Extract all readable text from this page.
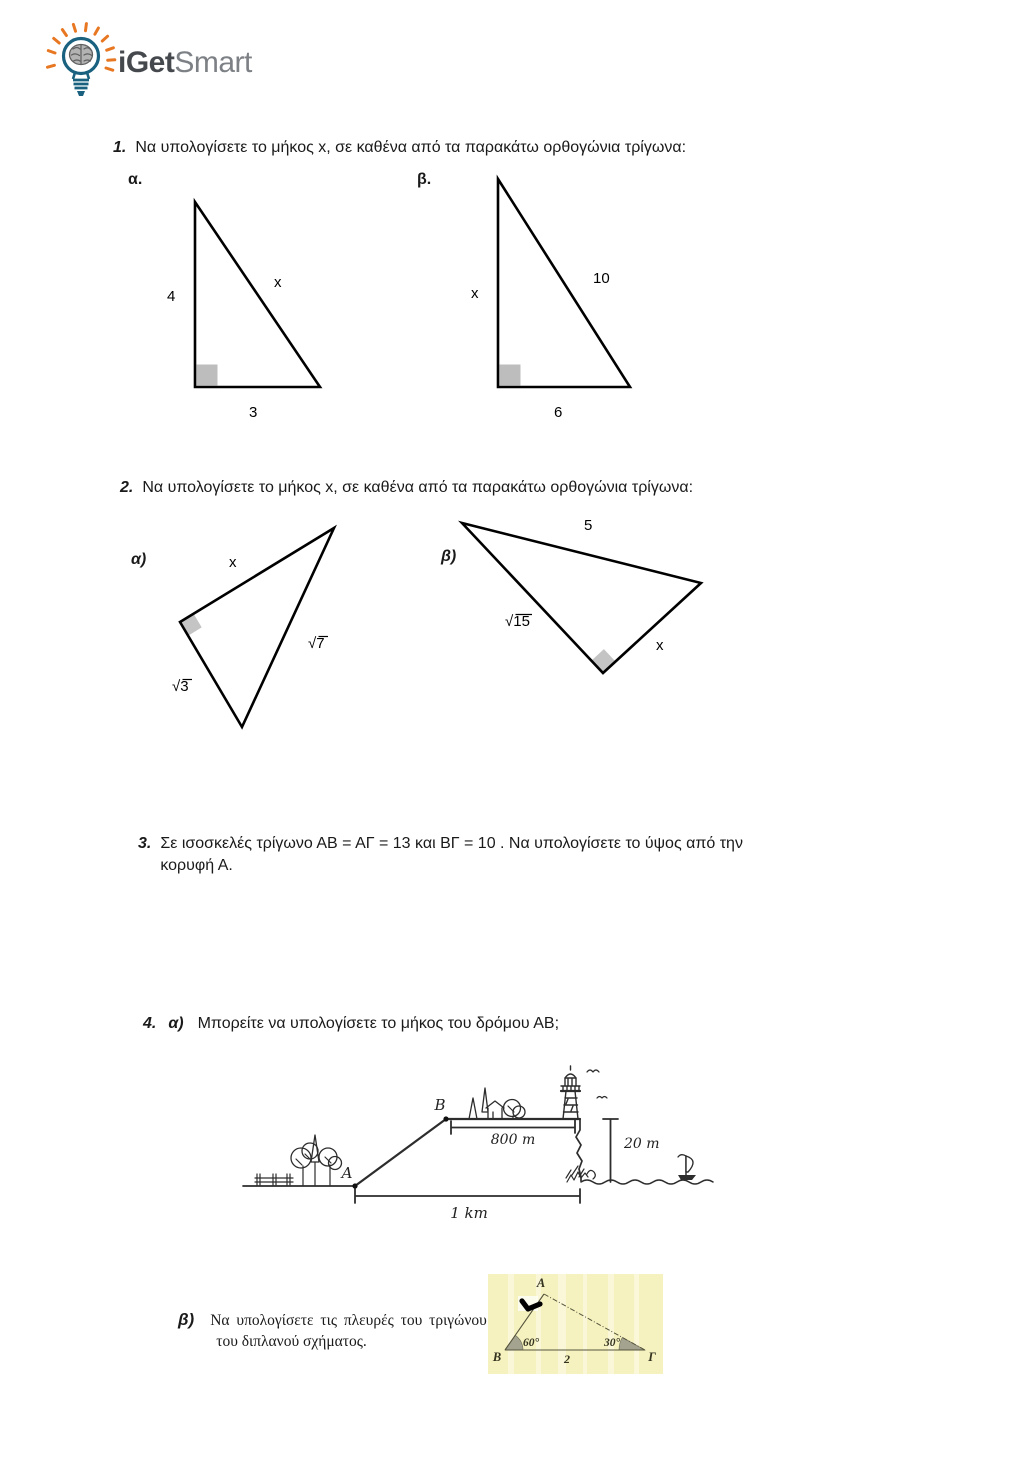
iGetSmart
1. Να υπολογίσετε το μήκος x, σε καθένα από τα παρακάτω ορθογώνια τρίγωνα:
α.	β.
4
x
3
x
10
6
2. Να υπολογίσετε το μήκος x, σε καθένα από τα παρακάτω ορθογώνια τρίγωνα:
α)	β)
x
√7
√3
5
√15
x
3. Σε ισοσκελές τρίγωνο ΑΒ = ΑΓ = 13 και ΒΓ = 10 . Να υπολογίσετε το ύψος από την
κορυφή Α.
4. α) Μπορείτε να υπολογίσετε το μήκος του δρόμου ΑΒ;
A
B
800 m	20 m
1 km
β) Να υπολογίσετε τις πλευρές του τριγώνου
του διπλανού σχήματος.
A
B	Γ
60°	30°
2
